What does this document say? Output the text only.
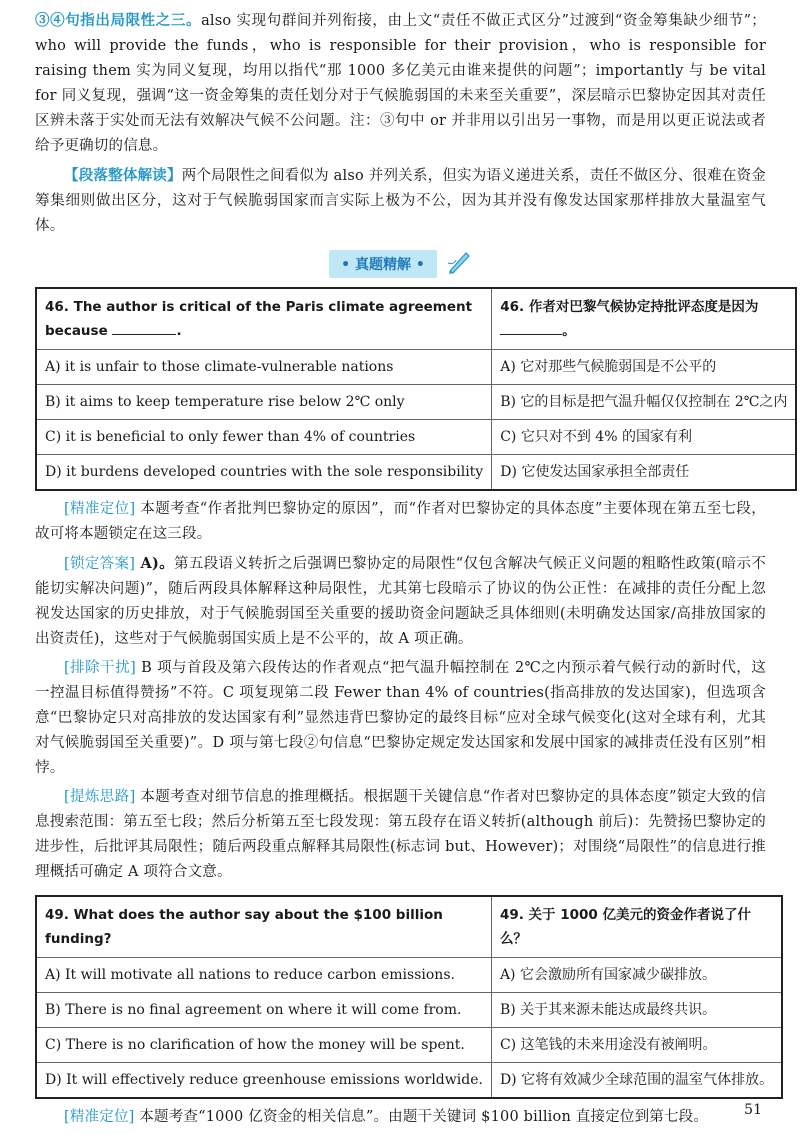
③④句指出局限性之三。also 实现句群间并列衔接，由上文“责任不做正式区分”过渡到“资金筹集缺少细节”；who will provide the funds，who is responsible for their provision，who is responsible for raising them 实为同义复现，均用以指代“那 1000 多亿美元由谁来提供的问题”；importantly 与 be vital for 同义复现，强调“这一资金筹集的责任划分对于气候脆弱国的未来至关重要”，深层暗示巴黎协定因其对责任区辨未落于实处而无法有效解决气候不公问题。注：③句中 or 并非用以引出另一事物，而是用以更正说法或者给予更确切的信息。

【段落整体解读】两个局限性之间看似为 also 并列关系，但实为语义递进关系，责任不做区分、很难在资金筹集细则做出区分，这对于气候脆弱国家而言实际上极为不公，因为其并没有像发达国家那样排放大量温室气体。

• 真题精解 •
46. The author is critical of the Paris climate agreement because .	46. 作者对巴黎气候协定持批评态度是因为
。
A) it is unfair to those climate-vulnerable nations	A) 它对那些气候脆弱国是不公平的
B) it aims to keep temperature rise below 2℃ only	B) 它的目标是把气温升幅仅仅控制在 2℃之内
C) it is beneficial to only fewer than 4% of countries	C) 它只对不到 4% 的国家有利
D) it burdens developed countries with the sole responsibility	D) 它使发达国家承担全部责任

[精准定位] 本题考查“作者批判巴黎协定的原因”，而“作者对巴黎协定的具体态度”主要体现在第五至七段，故可将本题锁定在这三段。

[锁定答案] A)。第五段语义转折之后强调巴黎协定的局限性“仅包含解决气候正义问题的粗略性政策(暗示不能切实解决问题)”，随后两段具体解释这种局限性，尤其第七段暗示了协议的伪公正性：在减排的责任分配上忽视发达国家的历史排放，对于气候脆弱国至关重要的援助资金问题缺乏具体细则(未明确发达国家/高排放国家的出资责任)，这些对于气候脆弱国实质上是不公平的，故 A 项正确。

[排除干扰] B 项与首段及第六段传达的作者观点“把气温升幅控制在 2℃之内预示着气候行动的新时代，这一控温目标值得赞扬”不符。C 项复现第二段 Fewer than 4% of countries(指高排放的发达国家)，但选项含意“巴黎协定只对高排放的发达国家有利”显然违背巴黎协定的最终目标“应对全球气候变化(这对全球有利，尤其对气候脆弱国至关重要)”。D 项与第七段②句信息“巴黎协定规定发达国家和发展中国家的减排责任没有区别”相悖。

[提炼思路] 本题考查对细节信息的推理概括。根据题干关键信息“作者对巴黎协定的具体态度”锁定大致的信息搜索范围：第五至七段；然后分析第五至七段发现：第五段存在语义转折(although 前后)：先赞扬巴黎协定的进步性，后批评其局限性；随后两段重点解释其局限性(标志词 but、However)；对围绕“局限性”的信息进行推理概括可确定 A 项符合文意。

49. What does the author say about the $100 billion funding?	49. 关于 1000 亿美元的资金作者说了什么？
A) It will motivate all nations to reduce carbon emissions.	A) 它会激励所有国家减少碳排放。
B) There is no final agreement on where it will come from.	B) 关于其来源未能达成最终共识。
C) There is no clarification of how the money will be spent.	C) 这笔钱的未来用途没有被阐明。
D) It will effectively reduce greenhouse emissions worldwide.	D) 它将有效减少全球范围的温室气体排放。

[精准定位] 本题考查“1000 亿资金的相关信息”。由题干关键词 $100 billion 直接定位到第七段。	51
